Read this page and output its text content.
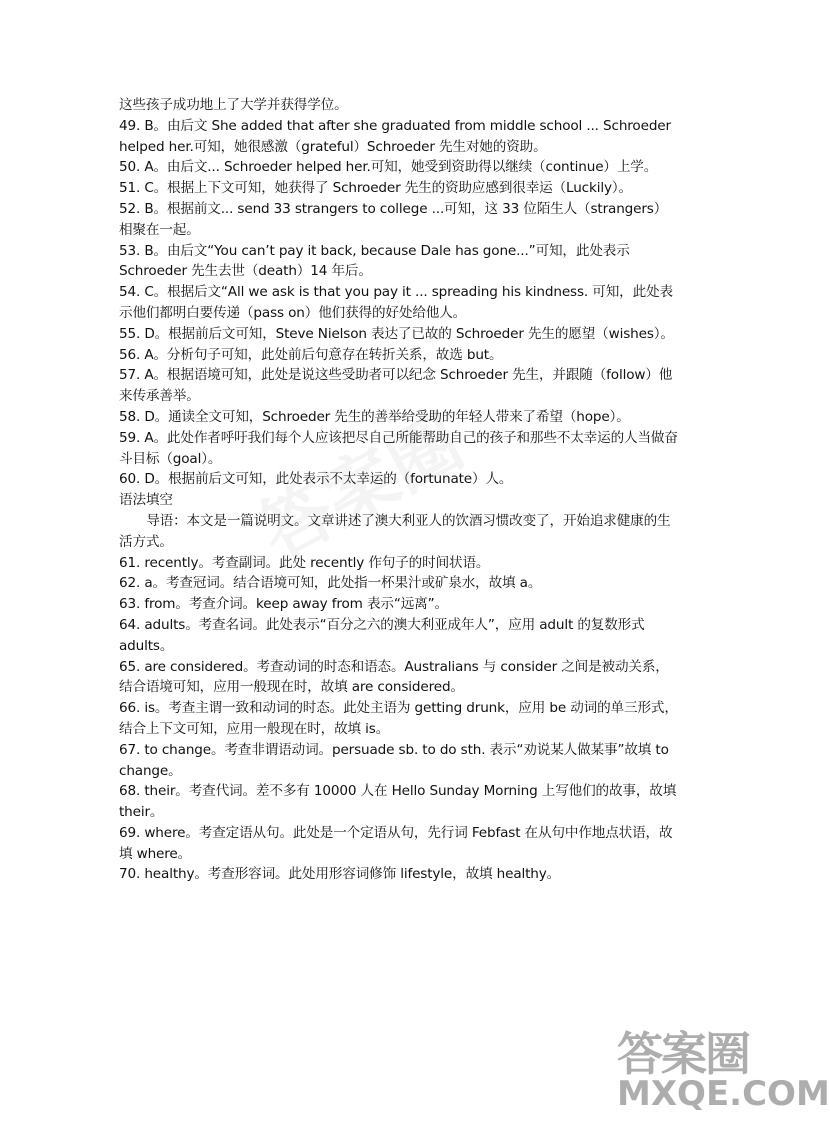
这些孩子成功地上了大学并获得学位。

49. B。由后文 She added that after she graduated from middle school ... Schroeder helped her.可知，她很感激（grateful）Schroeder 先生对她的资助。

50. A。由后文... Schroeder helped her.可知，她受到资助得以继续（continue）上学。

51. C。根据上下文可知，她获得了 Schroeder 先生的资助应感到很幸运（Luckily）。

52. B。根据前文... send 33 strangers to college ...可知，这 33 位陌生人（strangers）相聚在一起。

53. B。由后文“You can’t pay it back, because Dale has gone...”可知，此处表示 Schroeder 先生去世（death）14 年后。

54. C。根据后文“All we ask is that you pay it ... spreading his kindness. 可知，此处表示他们都明白要传递（pass on）他们获得的好处给他人。

55. D。根据前后文可知，Steve Nielson 表达了已故的 Schroeder 先生的愿望（wishes）。

56. A。分析句子可知，此处前后句意存在转折关系，故选 but。

57. A。根据语境可知，此处是说这些受助者可以纪念 Schroeder 先生，并跟随（follow）他来传承善举。

58. D。通读全文可知，Schroeder 先生的善举给受助的年轻人带来了希望（hope）。

59. A。此处作者呼吁我们每个人应该把尽自己所能帮助自己的孩子和那些不太幸运的人当做奋斗目标（goal）。

60. D。根据前后文可知，此处表示不太幸运的（fortunate）人。

语法填空

导语：本文是一篇说明文。文章讲述了澳大利亚人的饮酒习惯改变了，开始追求健康的生活方式。

61. recently。考查副词。此处 recently 作句子的时间状语。

62. a。考查冠词。结合语境可知，此处指一杯果汁或矿泉水，故填 a。

63. from。考查介词。keep away from 表示“远离”。

64. adults。考查名词。此处表示“百分之六的澳大利亚成年人”，应用 adult 的复数形式 adults。

65. are considered。考查动词的时态和语态。Australians 与 consider 之间是被动关系，结合语境可知，应用一般现在时，故填 are considered。

66. is。考查主谓一致和动词的时态。此处主语为 getting drunk，应用 be 动词的单三形式，结合上下文可知，应用一般现在时，故填 is。

67. to change。考查非谓语动词。persuade sb. to do sth. 表示“劝说某人做某事”故填 to change。

68. their。考查代词。差不多有 10000 人在 Hello Sunday Morning 上写他们的故事，故填 their。

69. where。考查定语从句。此处是一个定语从句，先行词 Febfast 在从句中作地点状语，故填 where。

70. healthy。考查形容词。此处用形容词修饰 lifestyle，故填 healthy。

答案圈
MXQE.COM
